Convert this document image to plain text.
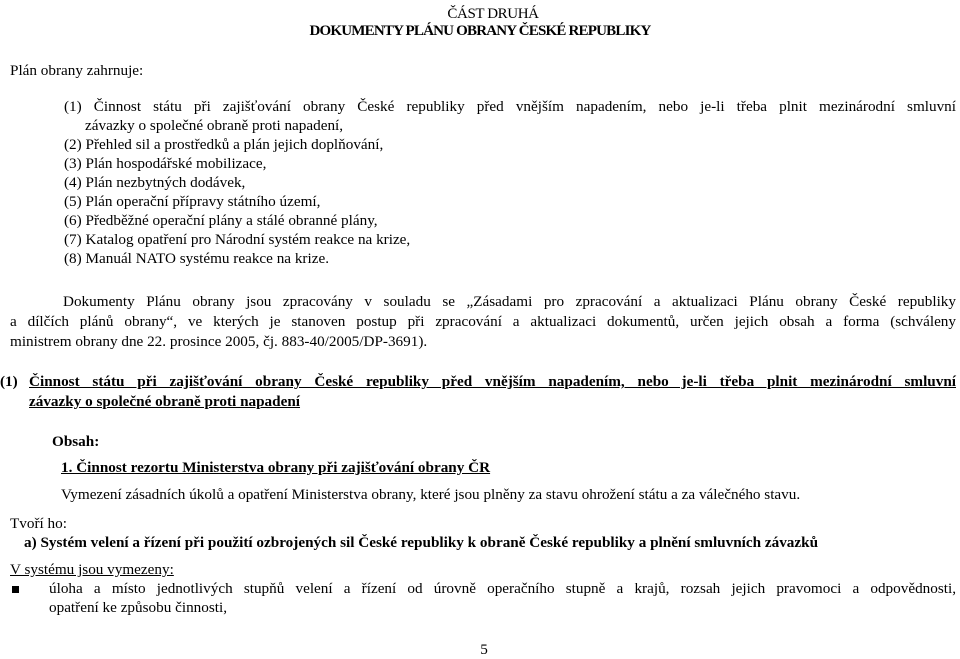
ČÁST DRUHÁ
DOKUMENTY PLÁNU OBRANY ČESKÉ REPUBLIKY
Plán obrany zahrnuje:
(1) Činnost státu při zajišťování obrany České republiky před vnějším napadením, nebo je-li třeba plnit mezinárodní smluvní
závazky o společné obraně proti napadení,
(2) Přehled sil a prostředků a plán jejich doplňování,
(3) Plán hospodářské mobilizace,
(4) Plán nezbytných dodávek,
(5) Plán operační přípravy státního území,
(6) Předběžné operační plány a stálé obranné plány,
(7) Katalog opatření pro Národní systém reakce na krize,
(8) Manuál NATO systému reakce na krize.
Dokumenty Plánu obrany jsou zpracovány v souladu se „Zásadami pro zpracování a aktualizaci Plánu obrany České republiky
a dílčích plánů obrany“, ve kterých je stanoven postup při zpracování a aktualizaci dokumentů, určen jejich obsah a forma (schváleny
ministrem obrany dne 22. prosince 2005, čj. 883-40/2005/DP-3691).
(1) Činnost státu při zajišťování obrany České republiky před vnějším napadením, nebo je-li třeba plnit mezinárodní smluvní
závazky o společné obraně proti napadení
Obsah:
1. Činnost rezortu Ministerstva obrany při zajišťování obrany ČR
Vymezení zásadních úkolů a opatření Ministerstva obrany, které jsou plněny za stavu ohrožení státu a za válečného stavu.
Tvoří ho:
a) Systém velení a řízení při použití ozbrojených sil České republiky k obraně České republiky a plnění smluvních závazků
V systému jsou vymezeny:
úloha a místo jednotlivých stupňů velení a řízení od úrovně operačního stupně a krajů, rozsah jejich pravomoci a odpovědnosti,
opatření ke způsobu činnosti,
5
